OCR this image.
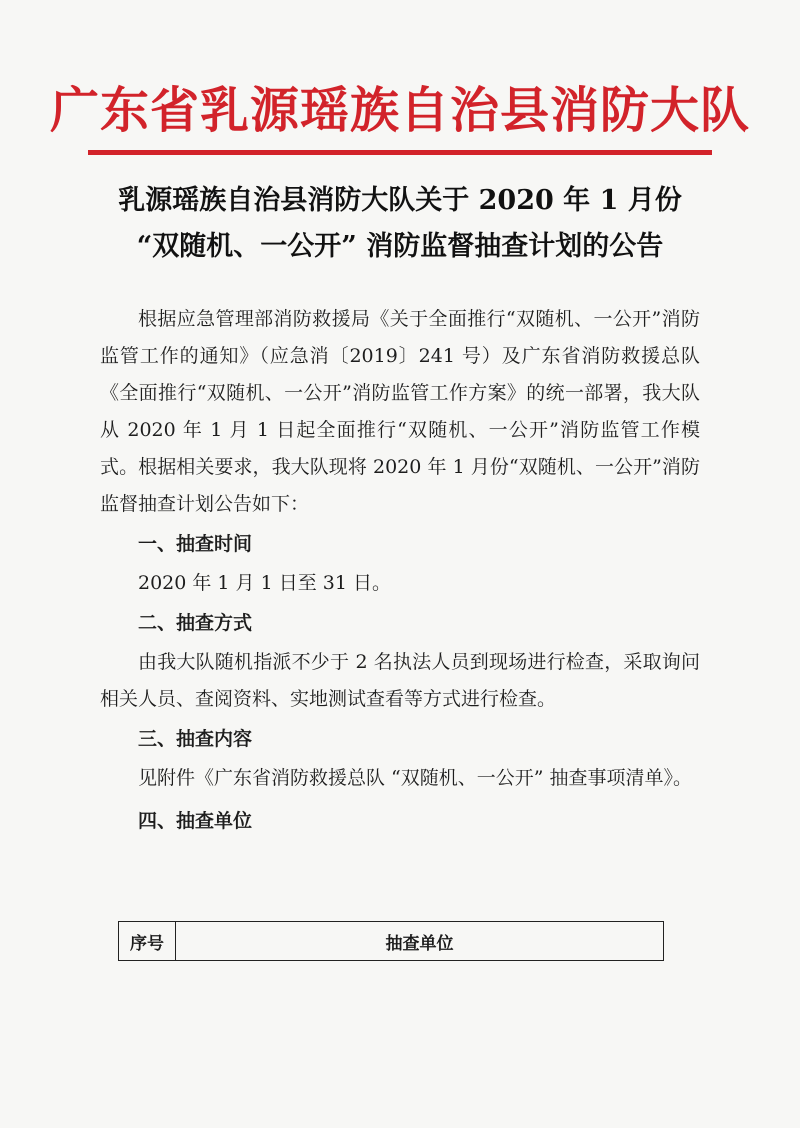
广东省乳源瑶族自治县消防大队
乳源瑶族自治县消防大队关于 2020 年 1 月份
“双随机、一公开” 消防监督抽查计划的公告

根据应急管理部消防救援局《关于全面推行“双随机、一公开”消防监管工作的通知》（应急消〔2019〕241 号）及广东省消防救援总队《全面推行“双随机、一公开”消防监管工作方案》的统一部署，我大队从 2020 年 1 月 1 日起全面推行“双随机、一公开”消防监管工作模式。根据相关要求，我大队现将 2020 年 1 月份“双随机、一公开”消防监督抽查计划公告如下：

一、抽查时间

2020 年 1 月 1 日至 31 日。

二、抽查方式

由我大队随机指派不少于 2 名执法人员到现场进行检查，采取询问相关人员、查阅资料、实地测试查看等方式进行检查。

三、抽查内容

见附件《广东省消防救援总队 “双随机、一公开” 抽查事项清单》。

四、抽查单位

序号	抽查单位
